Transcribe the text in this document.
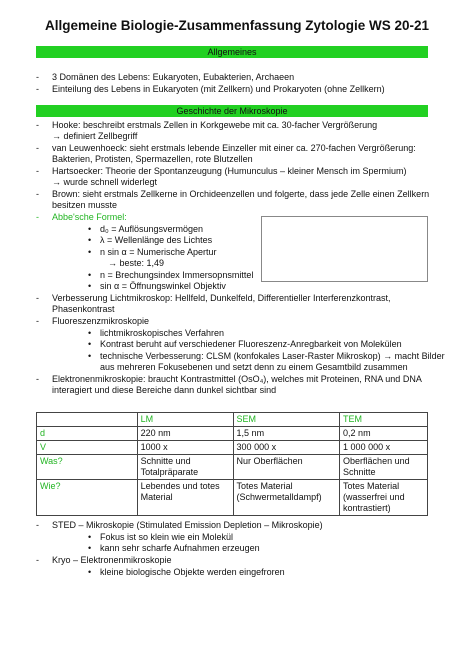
Allgemeine Biologie-Zusammenfassung Zytologie WS 20-21
Allgemeines
- 3 Domänen des Lebens: Eukaryoten, Eubakterien, Archaeen
- Einteilung des Lebens in Eukaryoten (mit Zellkern) und Prokaryoten (ohne Zellkern)
Geschichte der Mikroskopie
- Hooke: beschreibt erstmals Zellen in Korkgewebe mit ca. 30-facher Vergrößerung
→ definiert Zellbegriff
- van Leuwenhoeck: sieht erstmals lebende Einzeller mit einer ca. 270-fachen Vergrößerung:
Bakterien, Protisten, Spermazellen, rote Blutzellen
- Hartsoecker: Theorie der Spontanzeugung (Humunculus – kleiner Mensch im Spermium)
→ wurde schnell widerlegt
- Brown: sieht erstmals Zellkerne in Orchideenzellen und folgerte, dass jede Zelle einen Zellkern
besitzen musste
- Abbe'sche Formel:
• d₀ = Auflösungsvermögen
• λ = Wellenlänge des Lichtes
• n sin α = Numerische Apertur
→ beste: 1,49
• n = Brechungsindex Immersopnsmittel
• sin α = Öffnungswinkel Objektiv
- Verbesserung Lichtmikroskop: Hellfeld, Dunkelfeld, Differentieller Interferenzkontrast,
Phasenkontrast
- Fluoreszenzmikroskopie
• lichtmikroskopisches Verfahren
• Kontrast beruht auf verschiedener Fluoreszenz-Anregbarkeit von Molekülen
• technische Verbesserung: CLSM (konfokales Laser-Raster Mikroskop) → macht Bilder
aus mehreren Fokusebenen und setzt denn zu einem Gesamtbild zusammen
- Elektronenmikroskopie: braucht Kontrastmittel (OsO₄), welches mit Proteinen, RNA und DNA
interagiert und diese Bereiche dann dunkel sichtbar sind
	LM	SEM	TEM
d	220 nm	1,5 nm	0,2 nm
V	1000 x	300 000 x	1 000 000 x
Was?	Schnitte und Totalpräparate	Nur Oberflächen	Oberflächen und Schnitte
Wie?	Lebendes und totes Material	Totes Material (Schwermetalldampf)	Totes Material (wasserfrei und kontrastiert)
- STED – Mikroskopie (Stimulated Emission Depletion – Mikroskopie)
• Fokus ist so klein wie ein Molekül
• kann sehr scharfe Aufnahmen erzeugen
- Kryo – Elektronenmikroskopie
• kleine biologische Objekte werden eingefroren
